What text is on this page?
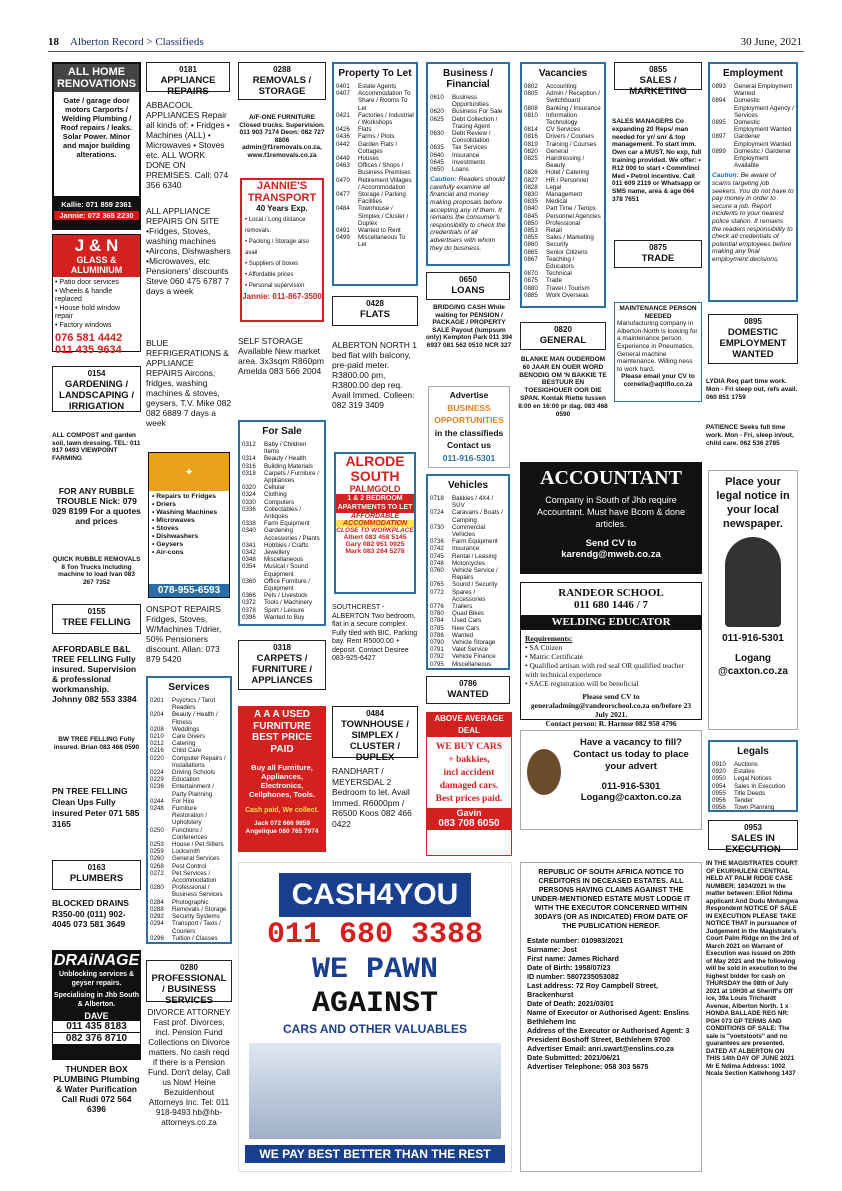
18 Alberton Record > Classifieds	30 June, 2021
ALL HOME RENOVATIONS
Gate / garage door motors Carports / Welding Plumbing / Roof repairs / leaks. Solar Power. Minor and major building alterations.
Kallie: 071 859 2361
Jannie: 072 365 2230
J & N
GLASS & ALUMINIUM
• Patio door services
• Wheels & handle replaced
• House hold window repair
• Factory windows
076 581 4442
011 435 9634
0154
GARDENING / LANDSCAPING / IRRIGATION
ALL COMPOST and garden soil, lawn dressing. TEL: 011 917 0493 VIEWPOINT FARMING
FOR ANY RUBBLE TROUBLE Nick: 079 029 8199 For a quotes and prices
QUICK RUBBLE REMOVALS 8 Ton Trucks including machine to load Ivan 083 267 7352
0155
TREE FELLING
AFFORDABLE B&L TREE FELLING Fully insured. Supervision & professional workmanship. Johnny 082 553 3384
BW TREE FELLING Fully insured. Brian 083 468 0590
PN TREE FELLING Clean Ups Fully insured Peter 071 585 3165
0163
PLUMBERS
BLOCKED DRAINS R350-00 (011) 902-4045 073 581 3649
DRAiNAGE
Unblocking services & geyser repairs.
Specialising in Jhb South & Alberton.
DAVE
011 435 8183
082 376 8710
THUNDER BOX PLUMBING Plumbing & Water Purification Call Rudi 072 564 6396
0181
APPLIANCE REPAIRS
ABBACOOL APPLIANCES Repair all kinds of: • Fridges • Machines (ALL) • Microwaves • Stoves etc. ALL WORK DONE ON PREMISES. Call: 074 356 6340
ALL APPLIANCE REPAIRS ON SITE •Fridges, Stoves, washing machines •Aircons, Dishwashers •Microwaves, etc Pensioners' discounts Steve 060 475 6787 7 days a week
BLUE REFRIGERATIONS & APPLIANCE REPAIRS Aircons, fridges, washing machines & stoves, geysers, T.V. Mike 082 082 6889 7 days a week
✦
• Repairs to Fridges
• Driers
• Washing Machines
• Microwaves
• Stoves
• Dishwashers
• Geysers
• Air-cons
078-955-6593
ONSPOT REPAIRS Fridges, Stoves, W/Machines T/drier, 50% Pensioners discount. Allan: 073 879 5420
Services
0201	Psychics / Tarot Readers
0204	Beauty / Health / Fitness
0208	Weddings
0210	Care Givers
0212	Catering
0216	Child Care
0220	Computer Repairs / Installations
0224	Driving Schools
0229	Education
0236	Entertainment / Party Planning
0244	For Hire
0248	Furniture Restoration / Upholstery
0250	Functions / Conferences
0253	House / Pet Sitters
0259	Locksmith
0260	General Services
0268	Pest Control
0272	Pet Services / Accommodation
0280	Professional / Business Services
0284	Photographic
0288	Removals / Storage
0292	Security Systems
0294	Transport / Taxis / Couriers
0296	Tuition / Classes
0288
REMOVALS / STORAGE
A/F-ONE FURNITURE Closed trucks. Supervision. 011 903 7174 Deon: 082 727 8806 admin@f1removals.co.za, www.f1removals.co.za
JANNIE'S TRANSPORT
40 Years Exp.
• Local / Long distance removals.
• Packing / Storage also avail
• Suppliers of boxes
• Affordable prices
• Personal supervision
Jannie: 011-867-3500
SELF STORAGE Available New market area. 3x3sqm R860pm Amelda 083 566 2004
For Sale
0312	Baby / Children Items
0314	Beauty / Health
0316	Building Materials
0318	Carpets / Furniture / Appliances
0320	Cellular
0324	Clothing
0330	Computers
0336	Collectables / Antiques
0338	Farm Equipment
0340	Gardening Accessories / Plants
0341	Hobbies / Crafts
0342	Jewellery
0348	Miscellaneous
0354	Musical / Sound Equipment
0360	Office Furniture / Equipment
0366	Pets / Livestock
0372	Tools / Machinery
0378	Sport / Leisure
0396	Wanted to Buy
0318
CARPETS / FURNITURE / APPLIANCES
A A A USED FURNITURE BEST PRICE PAID
Buy all Furniture, Appliances, Electronics, Cellphones, Tools.
Cash paid, We collect.
Jack 072 666 9859 Angelique 060 765 7974
0280
PROFESSIONAL / BUSINESS SERVICES
DIVORCE ATTORNEY Fast prof. Divorces, incl. Pension Fund Collections on Divorce matters. No cash reqd if there is a Pension Fund. Don't delay, Call us Now! Heine Bezuidenhout Attorneys Inc. Tel: 011 918-9493 hb@hb-attorneys.co.za
Property To Let
0401	Estate Agents
0407	Accommodation To Share / Rooms To Let
0421	Factories / Industrial / Workshops
0426	Flats
0436	Farms / Plots
0442	Garden Flats / Cottages
0449	Houses
0463	Offices / Shops / Business Premises
0470	Retirement Villages / Accommodation
0477	Storage / Parking Facilities
0484	Townhouse / Simplex / Cluster / Duplex
0491	Wanted to Rent
0499	Miscellaneous To Let
0428
FLATS
ALBERTON NORTH 1 bed flat with balcony, pre-paid meter. R3800.00 pm, R3800.00 dep req. Avail Immed. Colleen: 082 319 3409
ALRODE
SOUTH
PALMGOLD
1 & 2 BEDROOM APARTMENTS TO LET
AFFORDABLE
ACCOMMODATION
CLOSE TO WORKPLACE
Albert 083 458 5145
Gary 082 951 0925
Mark 083 264 5278
SOUTHCREST - ALBERTON Two bedroom, flat in a secure complex. Fully tiled with BIC. Parking bay. Rent R5000.00 + deposit. Contact Desiree 083-925-6427
0484
TOWNHOUSE / SIMPLEX / CLUSTER / DUPLEX
RANDHART / MEYERSDAL 2 Bedroom to let. Avail Immed. R6000pm / R6500 Koos 082 466 0422
Business / Financial
0610	Business Opportunities
0620	Business For Sale
0625	Debt Collection / Tracing Agent
0630	Debt Review / Consolidation
0635	Tax Services
0640	Insurance
0645	Investments
0650	Loans
Caution: Readers should carefully examine all financial and money making proposals before accepting any of them. It remains the consumer's responsibility to check the credentials of all advertisers with whom they do business.
0650
LOANS
BRIDGING CASH While waiting for PENSION / PACKAGE / PROPERTY SALE Payout (lumpsum only) Kempton Park 011 394 6937 081 562 0510 NCR 327
Advertise
BUSINESS
OPPORTUNITIES
in the classifieds
Contact us
011-916-5301
Vehicles
0718	Bakkies / 4X4 / SUV
0724	Caravans / Boats / Camping
0730	Commercial Vehicles
0736	Farm Equipment
0742	Insurance
0745	Rental / Leasing
0748	Motorcycles
0760	Vehicle Service / Repairs
0765	Sound / Security
0772	Spares / Accessories
0776	Trailers
0780	Quad Bikes
0784	Used Cars
0785	New Cars
0786	Wanted
0790	Vehicle Storage
0791	Valet Service
0792	Vehicle Finance
0795	Miscellaneous
0786
WANTED
ABOVE AVERAGE DEAL
WE BUY CARS
+ bakkies,
incl accident
damaged cars.
Best prices paid.
Gavin
083 708 6050
Vacancies
0802	Accounting
0805	Admin / Reception / Switchboard
0808	Banking / Insurance
0810	Information Technology
0814	CV Services
0816	Drivers / Couriers
0819	Training / Courses
0820	General
0825	Hairdressing / Beauty
0826	Hotel / Catering
0827	HR / Personnel
0828	Legal
0830	Management
0835	Medical
0840	Part Time / Temps
0845	Personnel Agencies
0850	Professional
0853	Retail
0855	Sales / Marketing
0860	Security
0865	Senior Citizens
0867	Teaching / Educators
0870	Technical
0875	Trade
0880	Travel / Tourism
0885	Work Overseas
0820
GENERAL
BLANKE MAN OUDERDOM 60 JAAR EN OUER WORD BENODIG OM 'N BAKKIE TE BESTUUR EN TOESIGHOUER OOR DIE SPAN. Kontak Riette tussen 8:00 en 16:00 pr dag. 083 468 0590
0855
SALES / MARKETING
SALES MANAGERS Co expanding 20 Reps/ man needed for yr/ snr & top management. To start imm. Own car a MUST. No exp, full training provided. We offer: • R12 000 to start • Comm/incl Med • Petrol incentive. Call 011 609 2119 or Whatsapp or SMS name, area & age 064 378 7651
0875
TRADE
MAINTENANCE PERSON NEEDED
Manufacturing company in Alberton-North is looking for a maintenance person. Experience in Pneumatics, General machine maintenance. Willing ness to work hard.
Please email your CV to cornelia@aqtiflo.co.za
ACCOUNTANT
Company in South of Jhb require Accountant. Must have Bcom & done articles.
Send CV to
karendg@mweb.co.za
RANDEOR SCHOOL
011 680 1446 / 7
WELDING EDUCATOR
Requirements:
• SA Citizen
• Matric Certificate
• Qualified artisan with red seal OR qualified teacher with technical experience
• SACE registration will be beneficial
Please send CV to generaladming@randeorschool.co.za on/before 23 July 2021.
Contact person: R. Harmse 082 958 4796
Have a vacancy to fill?
Contact us today to place your advert
011-916-5301
Logang@caxton.co.za
CASH4YOU
011 680 3388
WE PAWN
AGAINST
CARS AND OTHER VALUABLES
WE PAY BEST BETTER THAN THE REST
REPUBLIC OF SOUTH AFRICA NOTICE TO CREDITORS IN DECEASED ESTATES. ALL PERSONS HAVING CLAIMS AGAINST THE UNDER-MENTIONED ESTATE MUST LODGE IT WITH THE EXECUTOR CONCERNED WITHIN 30DAYS (OR AS INDICATED) FROM DATE OF THE PUBLICATION HEREOF.
Estate number: 010983/2021
Surname: Jost
First name: James Richard
Date of Birth: 1958/07/23
ID number: 5807235053082
Last address: 72 Roy Campbell Street, Brackenhurst
Date of Death: 2021/03/01
Name of Executor or Authorised Agent: Enslins Bethlehem Inc
Address of the Executor or Authorised Agent: 3 President Boshoff Street, Bethlehem 9700
Advertiser Email: anri.swart@enslins.co.za
Date Submitted: 2021/06/21
Advertiser Telephone: 058 303 5675
Employment
0893	General Employment Wanted
0894	Domestic Employment Agency / Services
0895	Domestic Employment Wanted
0897	Gardener Employment Wanted
0899	Domestic / Gardener Employment Available
Caution: Be aware of scams targeting job seekers. You do not have to pay money in order to secure a job. Report incidents to your nearest police station. It remains the readers responsibility to check all credentials of potential employees before making any final employment decisions.
0895
DOMESTIC EMPLOYMENT WANTED
LYDIA Req part time work. Mon - Fri sleep out, refs avail. 060 851 1759
PATIENCE Seeks full time work. Mon - Fri, sleep in/out, child care. 062 536 2785
Place your legal notice in your local newspaper.
011-916-5301
Logang @caxton.co.za
Legals
0910	Auctions
0920	Estates
0950	Legal Notices
0954	Sales In Execution
0955	Title Deeds
0956	Tender
0956	Town Planning
0953
SALES IN EXECUTION
IN THE MAGISTRATES COURT OF EKURHULENI CENTRAL HELD AT PALM RIDGE CASE NUMBER: 1834/2021 In the matter between: Elliot Ndima applicant And Dudu Mntungwa Respondent NOTICE OF SALE IN EXECUTION PLEASE TAKE NOTICE THAT in pursuance of Judgement in the Magistrate's Court Palm Ridge on the 3rd of March 2021 on Warrant of Execution was issued on 20th of May 2021 and the following will be sold in execution to the highest bidder for cash on THURSDAY the 08th of July 2021 at 10H30 at Sheriff's Off ice, 39a Louis Trichardt Avenue, Alberton North. 1 x HONDA BALLADE REG NR: PGH 073 GP TERMS AND CONDITIONS OF SALE: The sale is "voetstoots" and no guarantees are presented. DATED AT ALBERTON ON THIS 14th DAY OF JUNE 2021 Mr E Ndima Address: 1002 Ncala Section Katlehong 1437
